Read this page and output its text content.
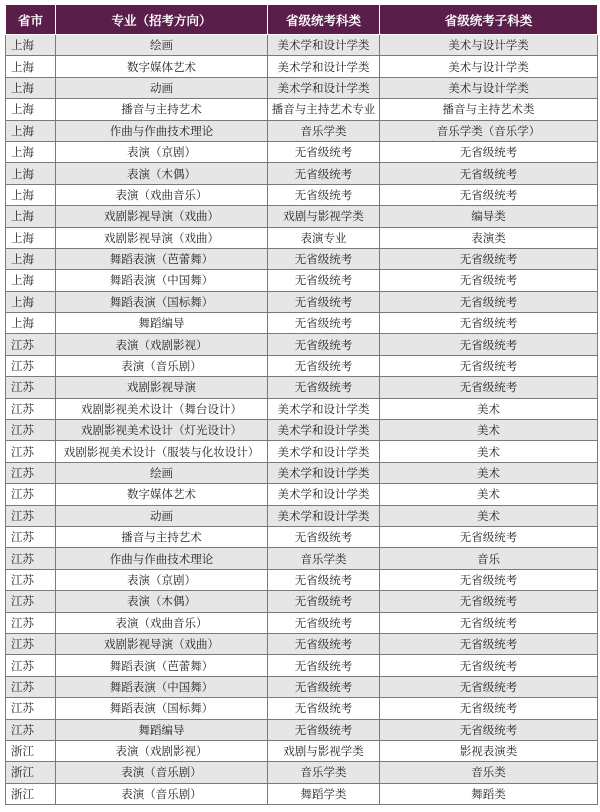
省市	专业（招考方向）	省级统考科类	省级统考子科类
上海	绘画	美术学和设计学类	美术与设计学类
上海	数字媒体艺术	美术学和设计学类	美术与设计学类
上海	动画	美术学和设计学类	美术与设计学类
上海	播音与主持艺术	播音与主持艺术专业	播音与主持艺术类
上海	作曲与作曲技术理论	音乐学类	音乐学类（音乐学）
上海	表演（京剧）	无省级统考	无省级统考
上海	表演（木偶）	无省级统考	无省级统考
上海	表演（戏曲音乐）	无省级统考	无省级统考
上海	戏剧影视导演（戏曲）	戏剧与影视学类	编导类
上海	戏剧影视导演（戏曲）	表演专业	表演类
上海	舞蹈表演（芭蕾舞）	无省级统考	无省级统考
上海	舞蹈表演（中国舞）	无省级统考	无省级统考
上海	舞蹈表演（国标舞）	无省级统考	无省级统考
上海	舞蹈编导	无省级统考	无省级统考
江苏	表演（戏剧影视）	无省级统考	无省级统考
江苏	表演（音乐剧）	无省级统考	无省级统考
江苏	戏剧影视导演	无省级统考	无省级统考
江苏	戏剧影视美术设计（舞台设计）	美术学和设计学类	美术
江苏	戏剧影视美术设计（灯光设计）	美术学和设计学类	美术
江苏	戏剧影视美术设计（服装与化妆设计）	美术学和设计学类	美术
江苏	绘画	美术学和设计学类	美术
江苏	数字媒体艺术	美术学和设计学类	美术
江苏	动画	美术学和设计学类	美术
江苏	播音与主持艺术	无省级统考	无省级统考
江苏	作曲与作曲技术理论	音乐学类	音乐
江苏	表演（京剧）	无省级统考	无省级统考
江苏	表演（木偶）	无省级统考	无省级统考
江苏	表演（戏曲音乐）	无省级统考	无省级统考
江苏	戏剧影视导演（戏曲）	无省级统考	无省级统考
江苏	舞蹈表演（芭蕾舞）	无省级统考	无省级统考
江苏	舞蹈表演（中国舞）	无省级统考	无省级统考
江苏	舞蹈表演（国标舞）	无省级统考	无省级统考
江苏	舞蹈编导	无省级统考	无省级统考
浙江	表演（戏剧影视）	戏剧与影视学类	影视表演类
浙江	表演（音乐剧）	音乐学类	音乐类
浙江	表演（音乐剧）	舞蹈学类	舞蹈类
